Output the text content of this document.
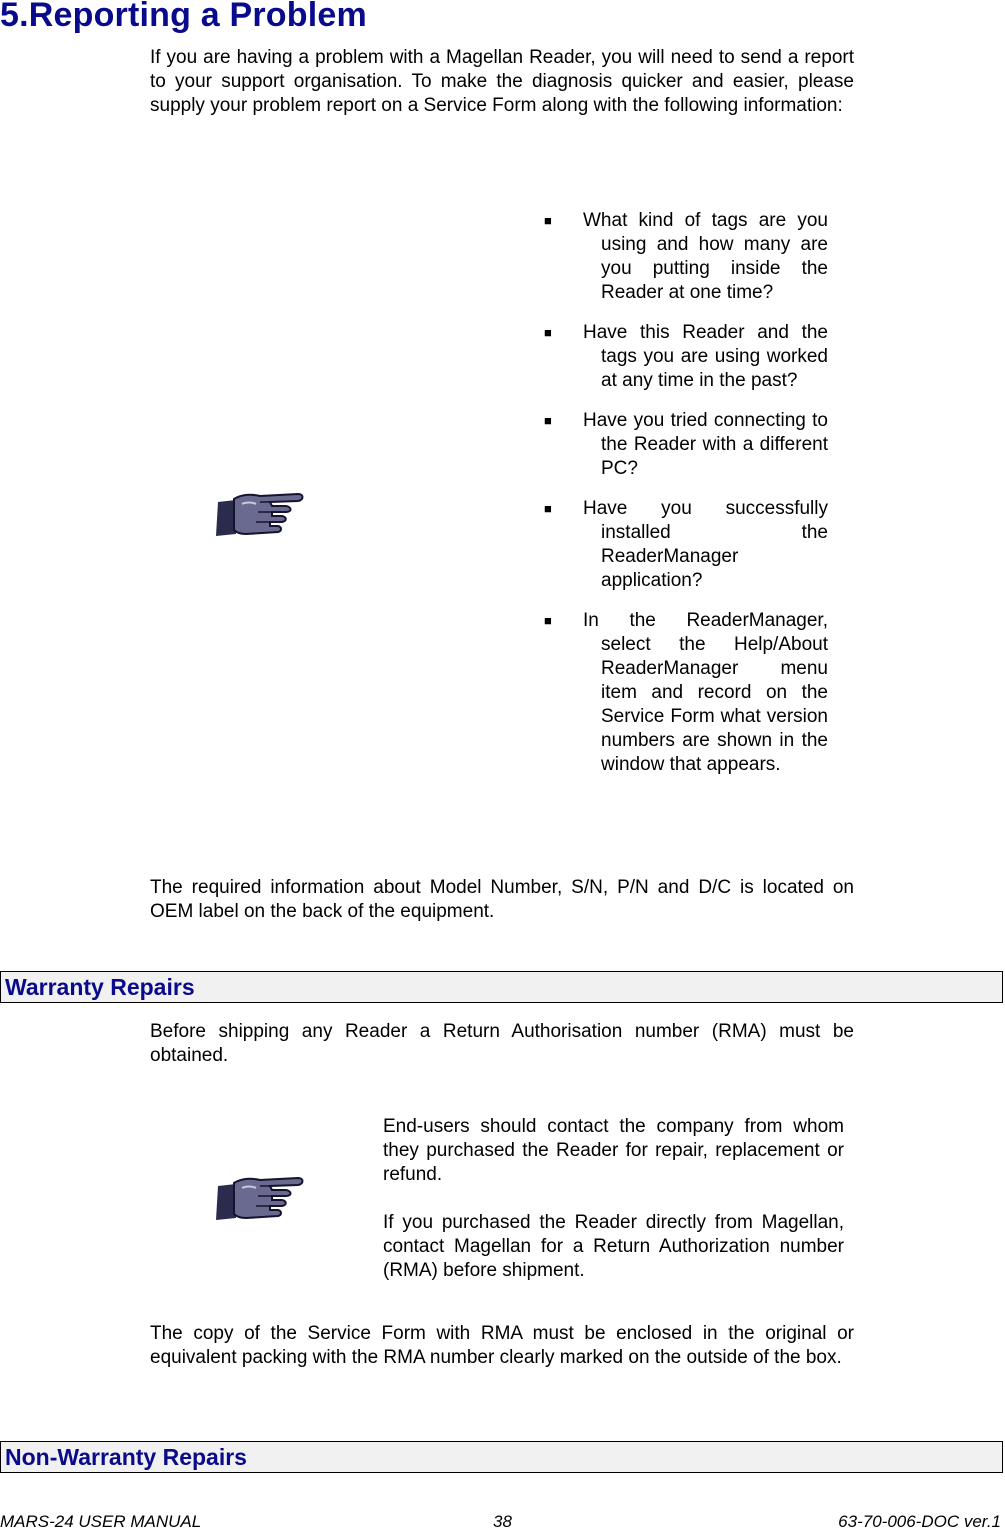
5.Reporting a Problem

If you are having a problem with a Magellan Reader, you will need to send a report to your support organisation. To make the diagnosis quicker and easier, please supply your problem report on a Service Form along with the following information:

■ What kind of tags are you using and how many are you putting inside the Reader at one time?
■ Have this Reader and the tags you are using worked at any time in the past?
■ Have you tried connecting to the Reader with a different PC?
■ Have you successfully installed the ReaderManager application?
■ In the ReaderManager, select the Help/About ReaderManager menu item and record on the Service Form what version numbers are shown in the window that appears.

The required information about Model Number, S/N, P/N and D/C is located on OEM label on the back of the equipment.

Warranty Repairs

Before shipping any Reader a Return Authorisation number (RMA) must be obtained.

End-users should contact the company from whom they purchased the Reader for repair, replacement or refund.

If you purchased the Reader directly from Magellan, contact Magellan for a Return Authorization number (RMA) before shipment.

The copy of the Service Form with RMA must be enclosed in the original or equivalent packing with the RMA number clearly marked on the outside of the box.

Non-Warranty Repairs
MARS-24 USER MANUAL	38	63-70-006-DOC ver.1
